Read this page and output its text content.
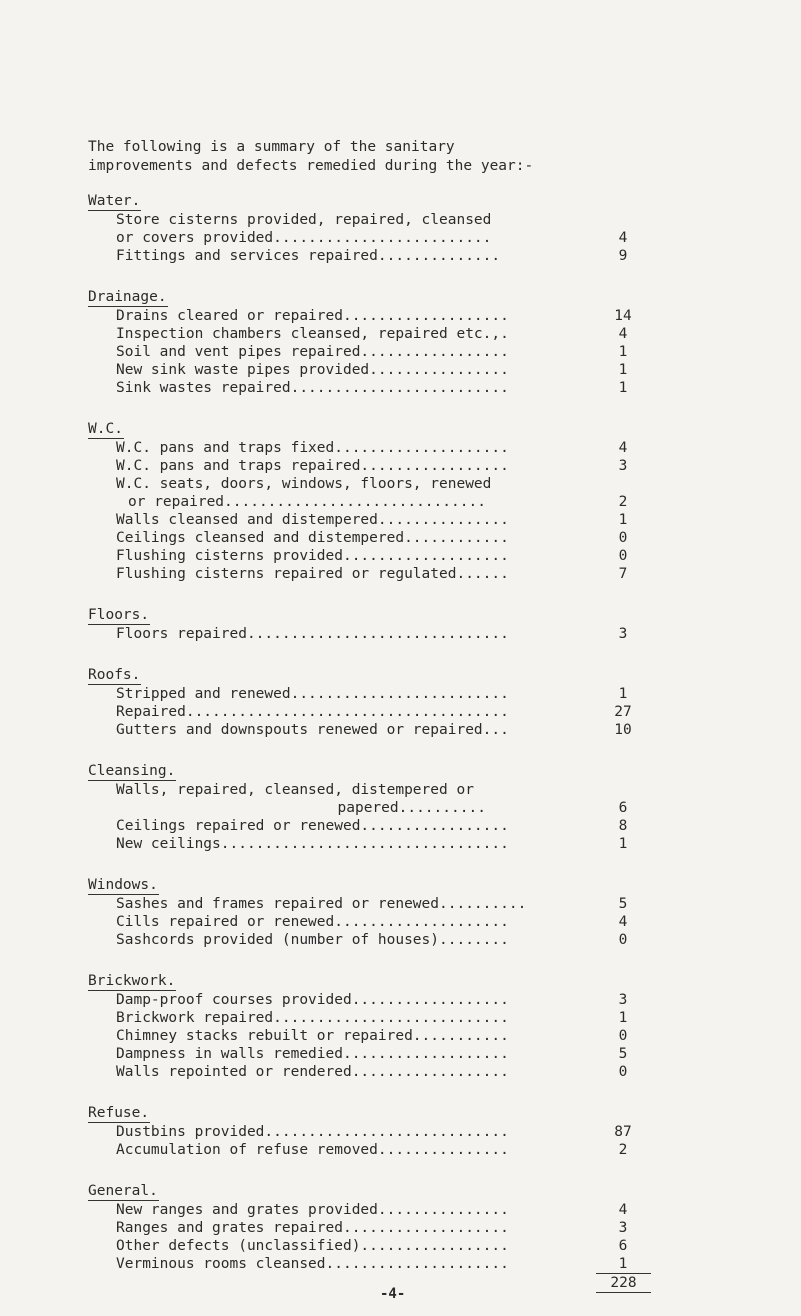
The following is a summary of the sanitary
improvements and defects remedied during the year:-
Water.
Store cisterns provided, repaired, cleansed
or covers provided.........................	4
Fittings and services repaired..............	9
Drainage.
Drains cleared or repaired...................	14
Inspection chambers cleansed, repaired etc.,.	4
Soil and vent pipes repaired.................	1
New sink waste pipes provided................	1
Sink wastes repaired.........................	1
W.C.
W.C. pans and traps fixed....................	4
W.C. pans and traps repaired.................	3
W.C. seats, doors, windows, floors, renewed
or repaired..............................	2
Walls cleansed and distempered...............	1
Ceilings cleansed and distempered............	0
Flushing cisterns provided...................	0
Flushing cisterns repaired or regulated......	7
Floors.
Floors repaired..............................	3
Roofs.
Stripped and renewed.........................	1
Repaired.....................................	27
Gutters and downspouts renewed or repaired...	10
Cleansing.
Walls, repaired, cleansed, distempered or
papered..........	6
Ceilings repaired or renewed.................	8
New ceilings.................................	1
Windows.
Sashes and frames repaired or renewed..........	5
Cills repaired or renewed....................	4
Sashcords provided (number of houses)........	0
Brickwork.
Damp-proof courses provided..................	3
Brickwork repaired...........................	1
Chimney stacks rebuilt or repaired...........	0
Dampness in walls remedied...................	5
Walls repointed or rendered..................	0
Refuse.
Dustbins provided............................	87
Accumulation of refuse removed...............	2
General.
New ranges and grates provided...............	4
Ranges and grates repaired...................	3
Other defects (unclassified).................	6
Verminous rooms cleansed.....................	1
228
-4-
